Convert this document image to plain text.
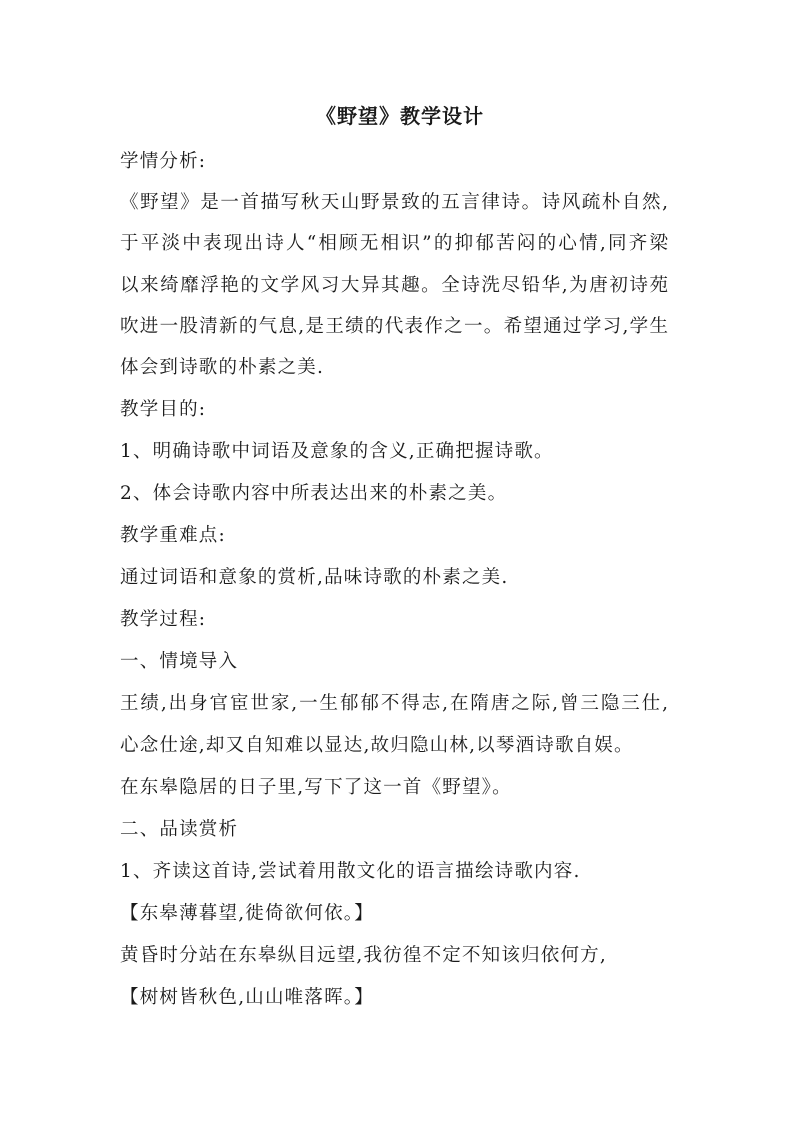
《野望》教学设计
学情分析:
《野望》是一首描写秋天山野景致的五言律诗。诗风疏朴自然,
于平淡中表现出诗人“相顾无相识”的抑郁苦闷的心情,同齐梁
以来绮靡浮艳的文学风习大异其趣。全诗洗尽铅华,为唐初诗苑
吹进一股清新的气息,是王绩的代表作之一。希望通过学习,学生
体会到诗歌的朴素之美.
教学目的:
1、明确诗歌中词语及意象的含义,正确把握诗歌。
2、体会诗歌内容中所表达出来的朴素之美。
教学重难点:
通过词语和意象的赏析,品味诗歌的朴素之美.
教学过程:
一、情境导入
王绩,出身官宦世家,一生郁郁不得志,在隋唐之际,曾三隐三仕,
心念仕途,却又自知难以显达,故归隐山林,以琴酒诗歌自娱。
在东皋隐居的日子里,写下了这一首《野望》。
二、品读赏析
1、齐读这首诗,尝试着用散文化的语言描绘诗歌内容.
【东皋薄暮望,徙倚欲何依。】
黄昏时分站在东皋纵目远望,我彷徨不定不知该归依何方,
【树树皆秋色,山山唯落晖。】
